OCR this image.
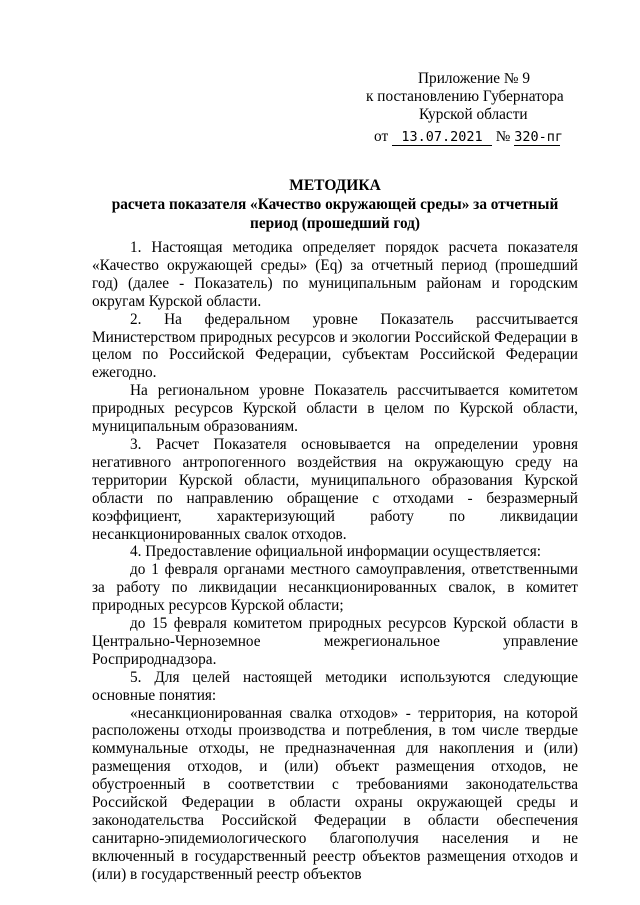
Приложение № 9
к постановлению Губернатора
Курской области
от 13.07.2021 № 320-пг
МЕТОДИКА
расчета показателя «Качество окружающей среды» за отчетный
период (прошедший год)

1. Настоящая методика определяет порядок расчета показателя «Качество окружающей среды» (Eq) за отчетный период (прошедший год) (далее - Показатель) по муниципальным районам и городским округам Курской области.

2. На федеральном уровне Показатель рассчитывается Министерством природных ресурсов и экологии Российской Федерации в целом по Российской Федерации, субъектам Российской Федерации ежегодно.

На региональном уровне Показатель рассчитывается комитетом природных ресурсов Курской области в целом по Курской области, муниципальным образованиям.

3. Расчет Показателя основывается на определении уровня негативного антропогенного воздействия на окружающую среду на территории Курской области, муниципального образования Курской области по направлению обращение с отходами - безразмерный коэффициент, характеризующий работу по ликвидации несанкционированных свалок отходов.

4. Предоставление официальной информации осуществляется:

до 1 февраля органами местного самоуправления, ответственными за работу по ликвидации несанкционированных свалок, в комитет природных ресурсов Курской области;

до 15 февраля комитетом природных ресурсов Курской области в Центрально-Черноземное межрегиональное управление Росприроднадзора.

5. Для целей настоящей методики используются следующие основные понятия:

«несанкционированная свалка отходов» - территория, на которой расположены отходы производства и потребления, в том числе твердые коммунальные отходы, не предназначенная для накопления и (или) размещения отходов, и (или) объект размещения отходов, не обустроенный в соответствии с требованиями законодательства Российской Федерации в области охраны окружающей среды и законодательства Российской Федерации в области обеспечения санитарно-эпидемиологического благополучия населения и не включенный в государственный реестр объектов размещения отходов и (или) в государственный реестр объектов
